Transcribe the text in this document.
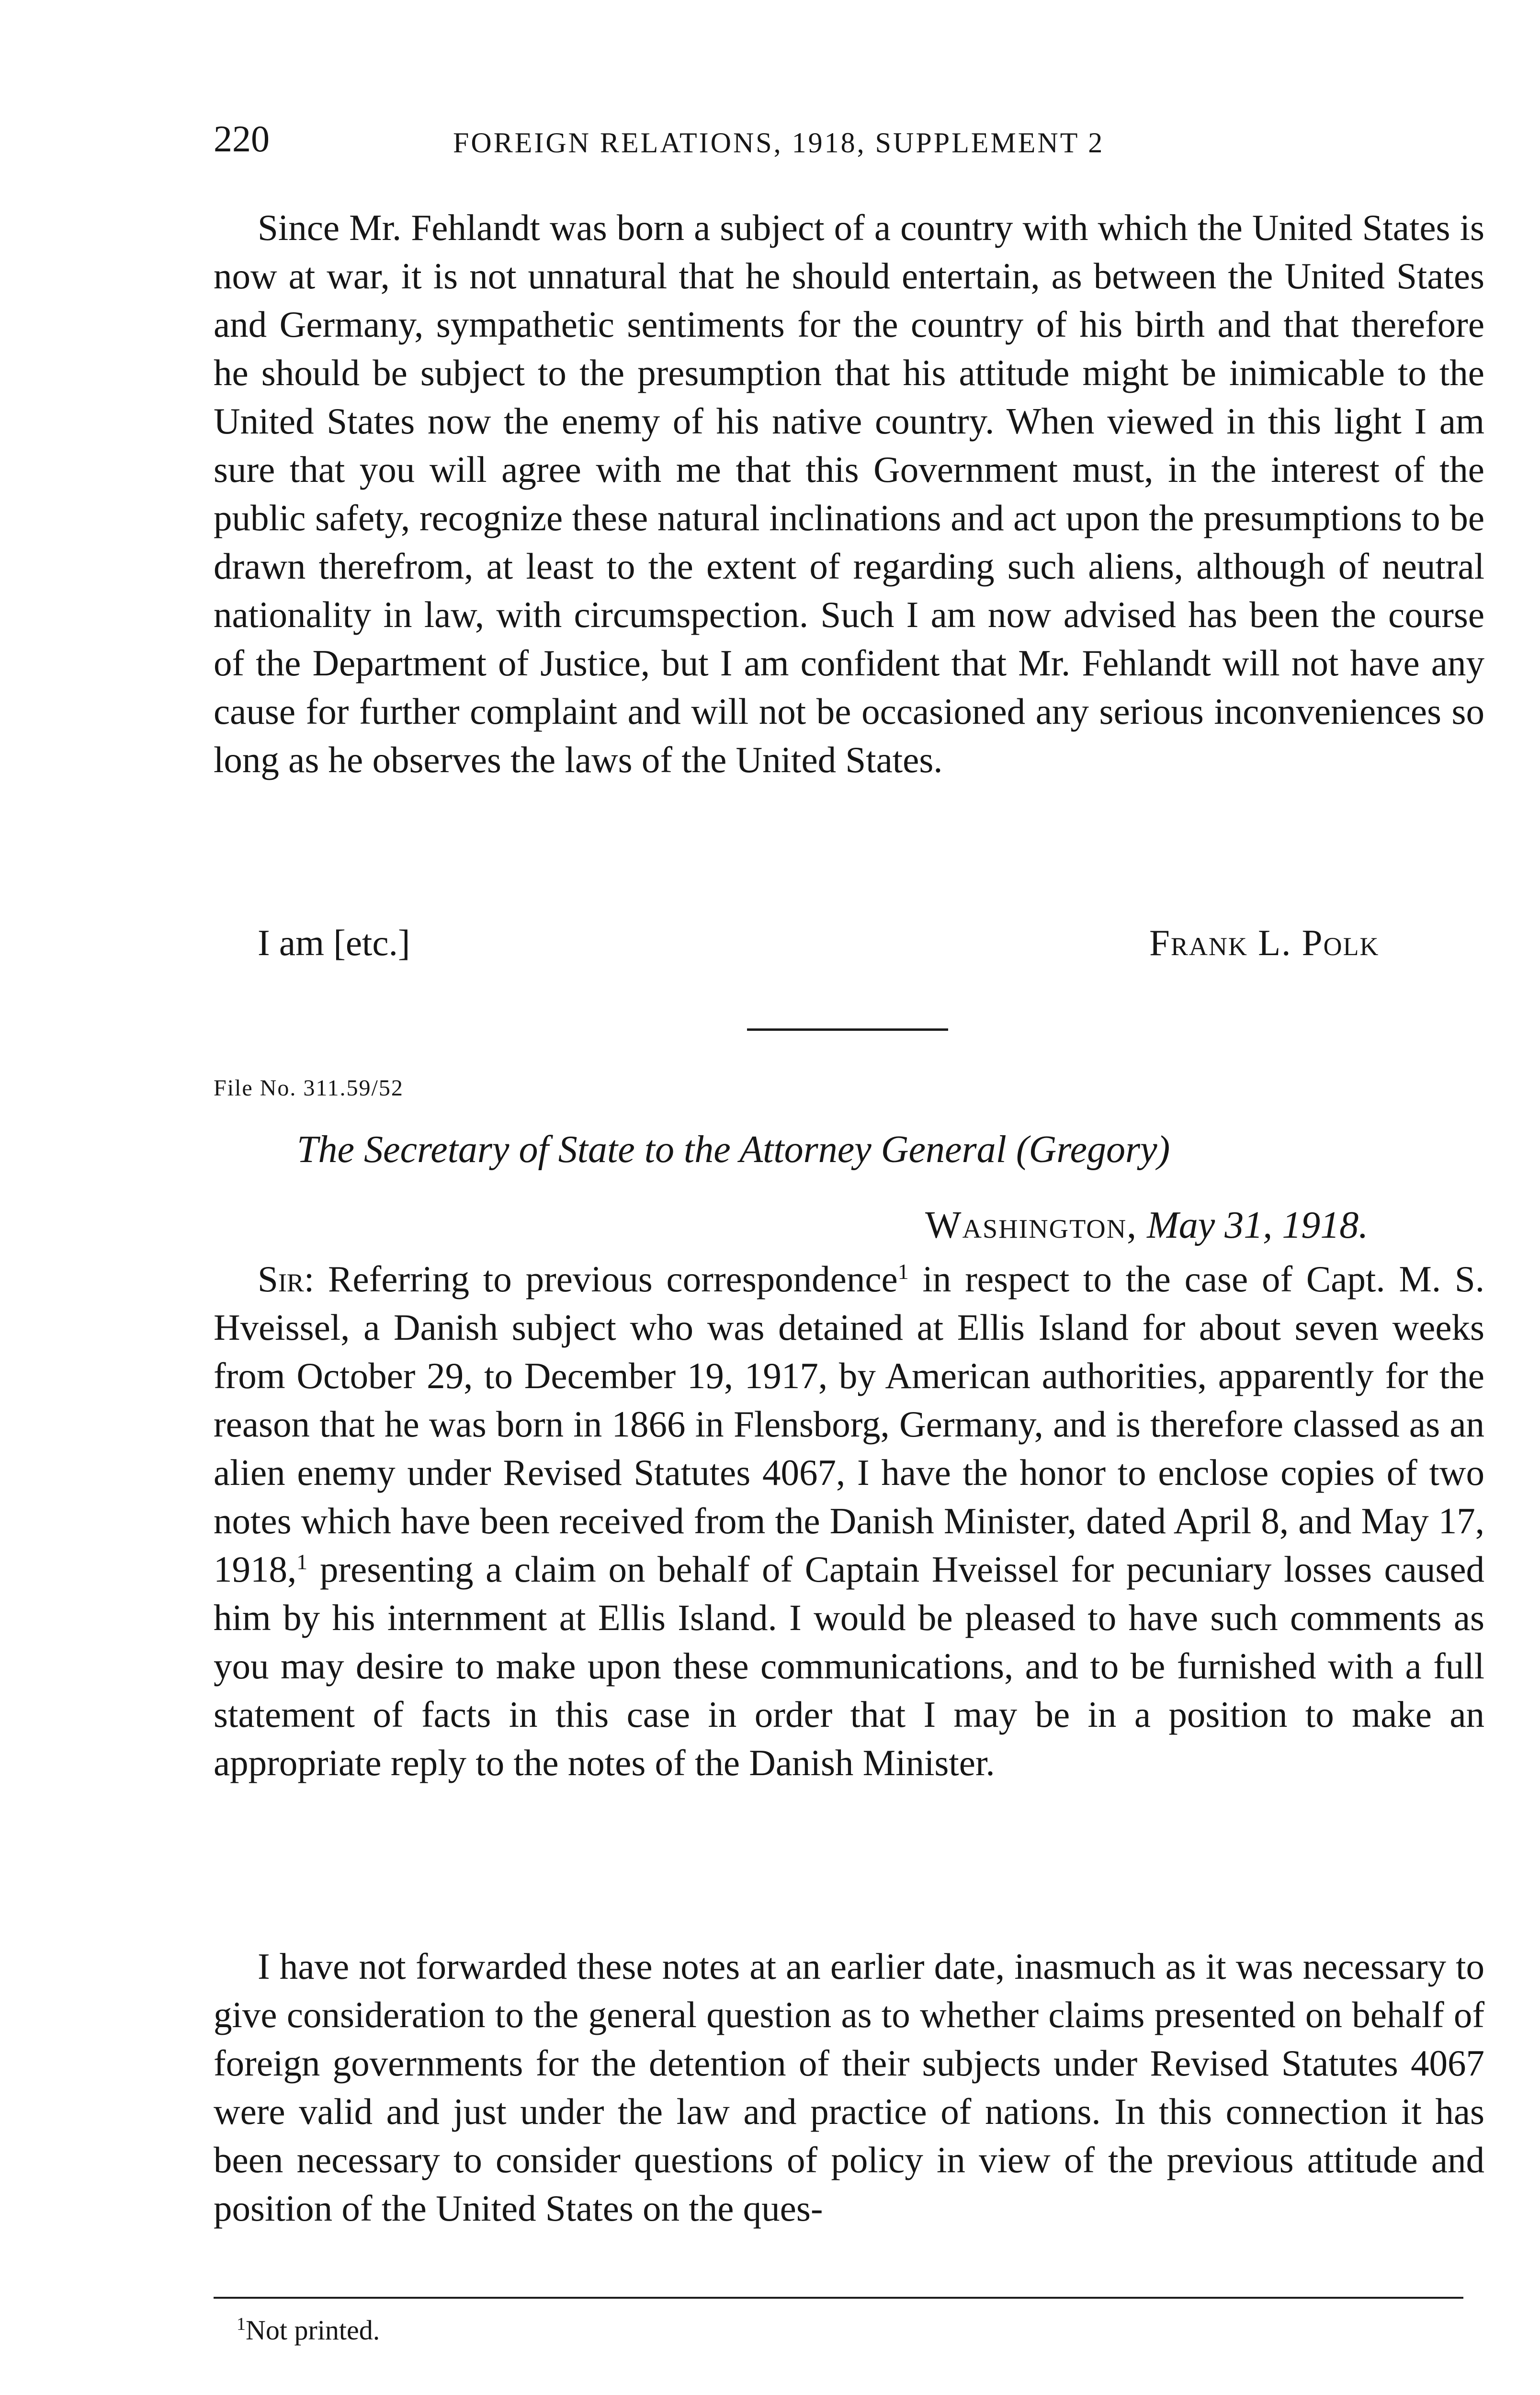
220	FOREIGN RELATIONS, 1918, SUPPLEMENT 2

Since Mr. Fehlandt was born a subject of a country with which the United States is now at war, it is not unnatural that he should entertain, as between the United States and Germany, sympathetic sentiments for the country of his birth and that therefore he should be subject to the presumption that his attitude might be inimicable to the United States now the enemy of his native country. When viewed in this light I am sure that you will agree with me that this Government must, in the interest of the public safety, recognize these natural inclinations and act upon the presumptions to be drawn therefrom, at least to the extent of regarding such aliens, although of neutral nationality in law, with circumspection. Such I am now advised has been the course of the Department of Justice, but I am confident that Mr. Fehlandt will not have any cause for further complaint and will not be occasioned any serious inconveniences so long as he observes the laws of the United States.

I am [etc.]	Frank L. Polk
File No. 311.59/52
The Secretary of State to the Attorney General (Gregory)
Washington, May 31, 1918.

Sir: Referring to previous correspondence$^1$ in respect to the case of Capt. M. S. Hveissel, a Danish subject who was detained at Ellis Island for about seven weeks from October 29, to December 19, 1917, by American authorities, apparently for the reason that he was born in 1866 in Flensborg, Germany, and is therefore classed as an alien enemy under Revised Statutes 4067, I have the honor to enclose copies of two notes which have been received from the Danish Minister, dated April 8, and May 17, 1918,$^1$ presenting a claim on behalf of Captain Hveissel for pecuniary losses caused him by his internment at Ellis Island. I would be pleased to have such comments as you may desire to make upon these communications, and to be furnished with a full statement of facts in this case in order that I may be in a position to make an appropriate reply to the notes of the Danish Minister.

I have not forwarded these notes at an earlier date, inasmuch as it was necessary to give consideration to the general question as to whether claims presented on behalf of foreign governments for the detention of their subjects under Revised Statutes 4067 were valid and just under the law and practice of nations. In this connection it has been necessary to consider questions of policy in view of the previous attitude and position of the United States on the ques-

$^1$Not printed.
